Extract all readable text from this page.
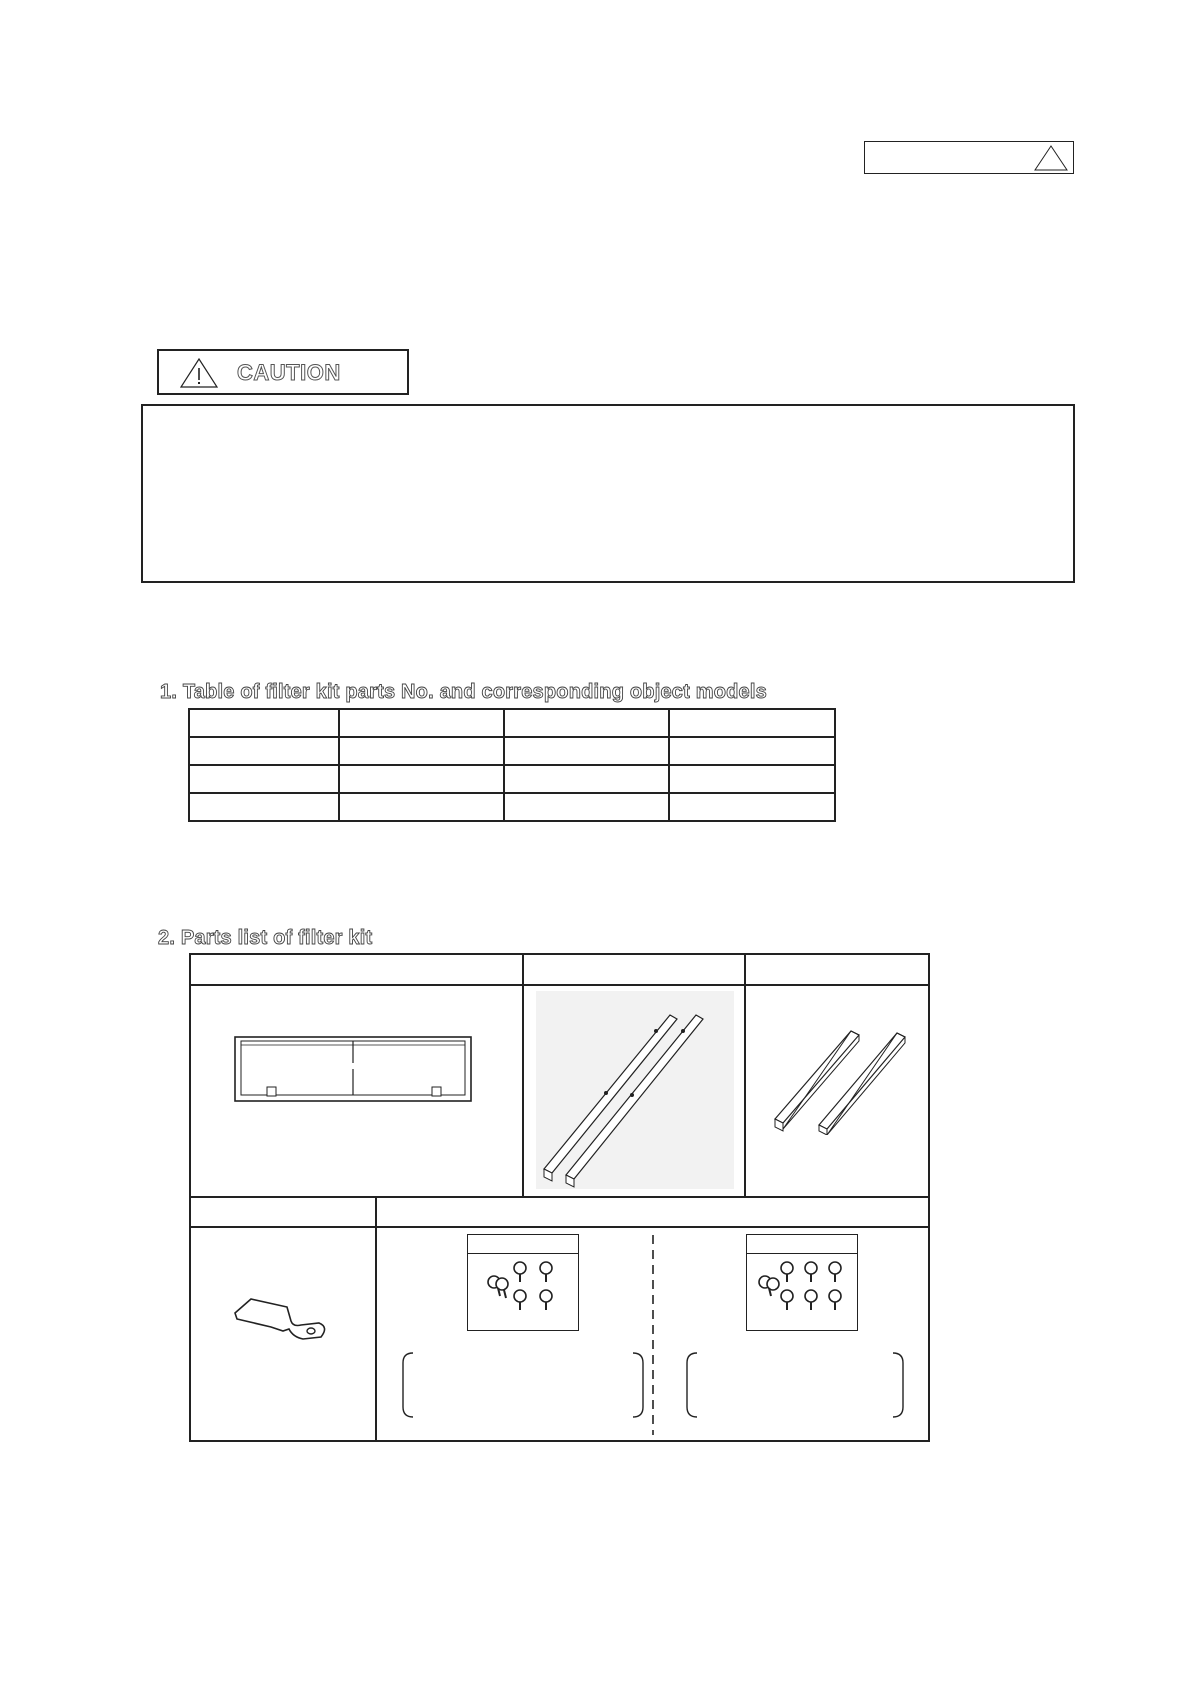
CAUTION
1. Table of filter kit parts No. and corresponding object models

2. Parts list of filter kit
